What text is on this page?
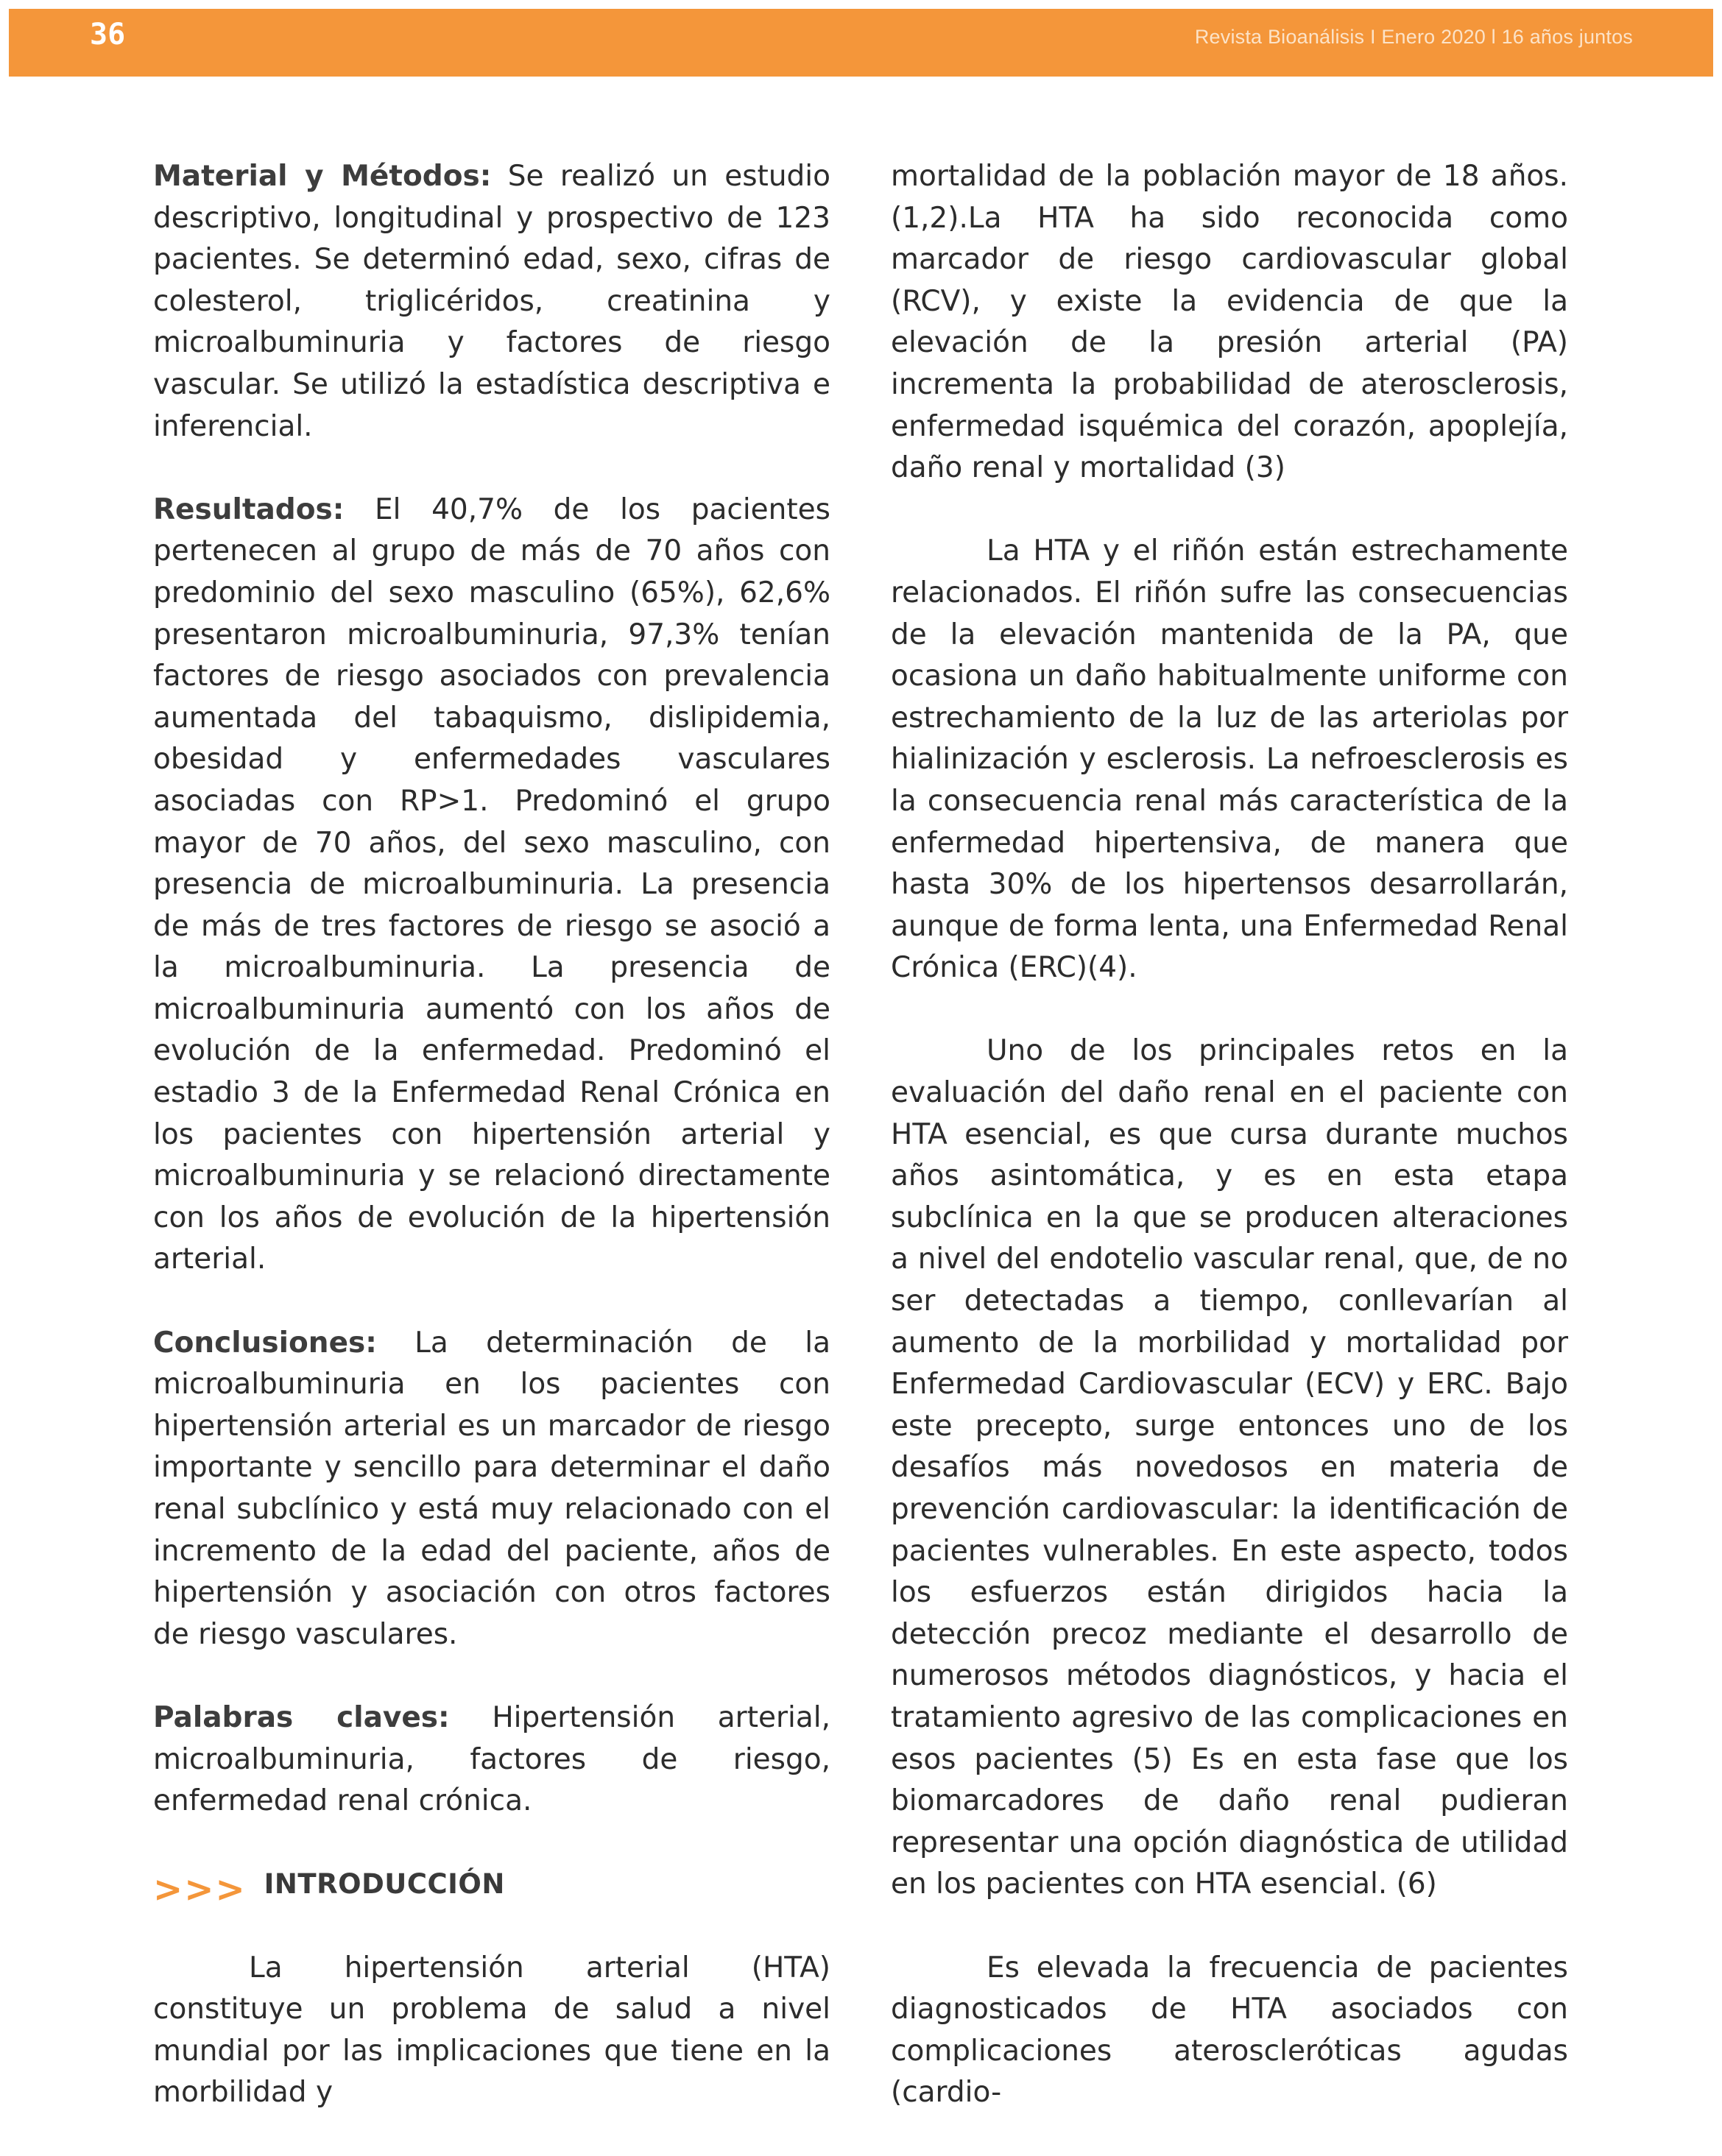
36	Revista Bioanálisis I Enero 2020 l 16 años juntos

Material y Métodos: Se realizó un estudio descriptivo, longitudinal y prospectivo de 123 pacientes. Se determinó edad, sexo, cifras de colesterol, triglicéridos, creatinina y microalbuminuria y factores de riesgo vascular. Se utilizó la estadística descriptiva e inferencial.

Resultados: El 40,7% de los pacientes pertenecen al grupo de más de 70 años con predominio del sexo masculino (65%), 62,6% presentaron microalbuminuria, 97,3% tenían factores de riesgo asociados con prevalencia aumentada del tabaquismo, dislipidemia, obesidad y enfermedades vasculares asociadas con RP>1. Predominó el grupo mayor de 70 años, del sexo masculino, con presencia de microalbuminuria. La presencia de más de tres factores de riesgo se asoció a la microalbuminuria. La presencia de microalbuminuria aumentó con los años de evolución de la enfermedad. Predominó el estadio 3 de la Enfermedad Renal Crónica en los pacientes con hipertensión arterial y microalbuminuria y se relacionó directamente con los años de evolución de la hipertensión arterial.

Conclusiones: La determinación de la microalbuminuria en los pacientes con hipertensión arterial es un marcador de riesgo importante y sencillo para determinar el daño renal subclínico y está muy relacionado con el incremento de la edad del paciente, años de hipertensión y asociación con otros factores de riesgo vasculares.

Palabras claves: Hipertensión arterial, microalbuminuria, factores de riesgo, enfermedad renal crónica.

>>> INTRODUCCIÓN

La hipertensión arterial (HTA) constituye un problema de salud a nivel mundial por las implicaciones que tiene en la morbilidad y

mortalidad de la población mayor de 18 años. (1,2).La HTA ha sido reconocida como marcador de riesgo cardiovascular global (RCV), y existe la evidencia de que la elevación de la presión arterial (PA) incrementa la probabilidad de aterosclerosis, enfermedad isquémica del corazón, apoplejía, daño renal y mortalidad (3)

La HTA y el riñón están estrechamente relacionados. El riñón sufre las consecuencias de la elevación mantenida de la PA, que ocasiona un daño habitualmente uniforme con estrechamiento de la luz de las arteriolas por hialinización y esclerosis. La nefroesclerosis es la consecuencia renal más característica de la enfermedad hipertensiva, de manera que hasta 30% de los hipertensos desarrollarán, aunque de forma lenta, una Enfermedad Renal Crónica (ERC)(4).

Uno de los principales retos en la evaluación del daño renal en el paciente con HTA esencial, es que cursa durante muchos años asintomática, y es en esta etapa subclínica en la que se producen alteraciones a nivel del endotelio vascular renal, que, de no ser detectadas a tiempo, conllevarían al aumento de la morbilidad y mortalidad por Enfermedad Cardiovascular (ECV) y ERC. Bajo este precepto, surge entonces uno de los desafíos más novedosos en materia de prevención cardiovascular: la identificación de pacientes vulnerables. En este aspecto, todos los esfuerzos están dirigidos hacia la detección precoz mediante el desarrollo de numerosos métodos diagnósticos, y hacia el tratamiento agresivo de las complicaciones en esos pacientes (5) Es en esta fase que los biomarcadores de daño renal pudieran representar una opción diagnóstica de utilidad en los pacientes con HTA esencial. (6)

Es elevada la frecuencia de pacientes diagnosticados de HTA asociados con complicaciones ateroscleróticas agudas (cardio-
